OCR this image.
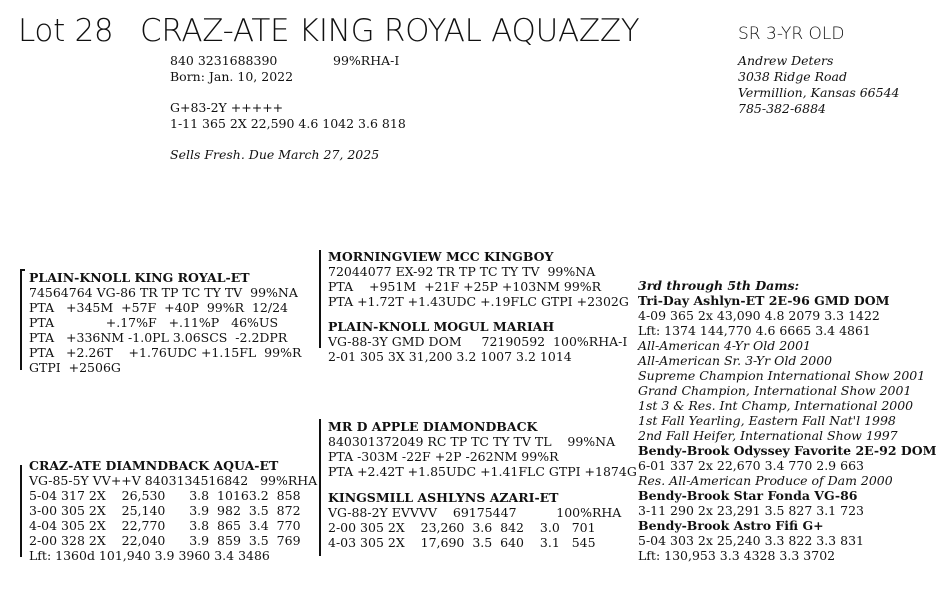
Lot 28 CRAZ-ATE KING ROYAL AQUAZZY	SR 3-YR OLD
840 3231688390	99%RHA-I
Born: Jan. 10, 2022
G+83-2Y +++++
1-11 365 2X 22,590 4.6 1042 3.6 818
Sells Fresh. Due March 27, 2025
Andrew Deters
3038 Ridge Road
Vermillion, Kansas 66544
785-382-6884
PLAIN-KNOLL KING ROYAL-ET
74564764 VG-86 TR TP TC TY TV  99%NA
PTA   +345M  +57F  +40P  99%R  12/24
PTA             +.17%F   +.11%P   46%US
PTA   +336NM -1.0PL 3.06SCS  -2.2DPR
PTA   +2.26T    +1.76UDC +1.15FL  99%R
GTPI  +2506G
MORNINGVIEW MCC KINGBOY
72044077 EX-92 TR TP TC TY TV  99%NA
PTA    +951M  +21F +25P +103NM 99%R
PTA +1.72T +1.43UDC +.19FLC GTPI +2302G
PLAIN-KNOLL MOGUL MARIAH
VG-88-3Y GMD DOM     72190592  100%RHA-I
2-01 305 3X 31,200 3.2 1007 3.2 1014
MR D APPLE DIAMONDBACK
840301372049 RC TP TC TY TV TL    99%NA
PTA -303M -22F +2P -262NM 99%R
PTA +2.42T +1.85UDC +1.41FLC GTPI +1874G
CRAZ-ATE DIAMNDBACK AQUA-ET
VG-85-5Y VV++V 8403134516842   99%RHA
5-04 317 2X    26,530      3.8  10163.2  858
3-00 305 2X    25,140      3.9  982  3.5  872
4-04 305 2X    22,770      3.8  865  3.4  770
2-00 328 2X    22,040      3.9  859  3.5  769
Lft: 1360d 101,940 3.9 3960 3.4 3486
KINGSMILL ASHLYNS AZARI-ET
VG-88-2Y EVVVV    69175447          100%RHA
2-00 305 2X    23,260  3.6  842    3.0   701
4-03 305 2X    17,690  3.5  640    3.1   545
3rd through 5th Dams:
Tri-Day Ashlyn-ET 2E-96 GMD DOM
4-09 365 2x 43,090 4.8 2079 3.3 1422
Lft: 1374 144,770 4.6 6665 3.4 4861
All-American 4-Yr Old 2001
All-American Sr. 3-Yr Old 2000
Supreme Champion International Show 2001
Grand Champion, International Show 2001
1st 3 & Res. Int Champ, International 2000
1st Fall Yearling, Eastern Fall Nat'l 1998
2nd Fall Heifer, International Show 1997
Bendy-Brook Odyssey Favorite 2E-92 DOM
6-01 337 2x 22,670 3.4 770 2.9 663
Res. All-American Produce of Dam 2000
Bendy-Brook Star Fonda VG-86
3-11 290 2x 23,291 3.5 827 3.1 723
Bendy-Brook Astro Fifi G+
5-04 303 2x 25,240 3.3 822 3.3 831
Lft: 130,953 3.3 4328 3.3 3702
